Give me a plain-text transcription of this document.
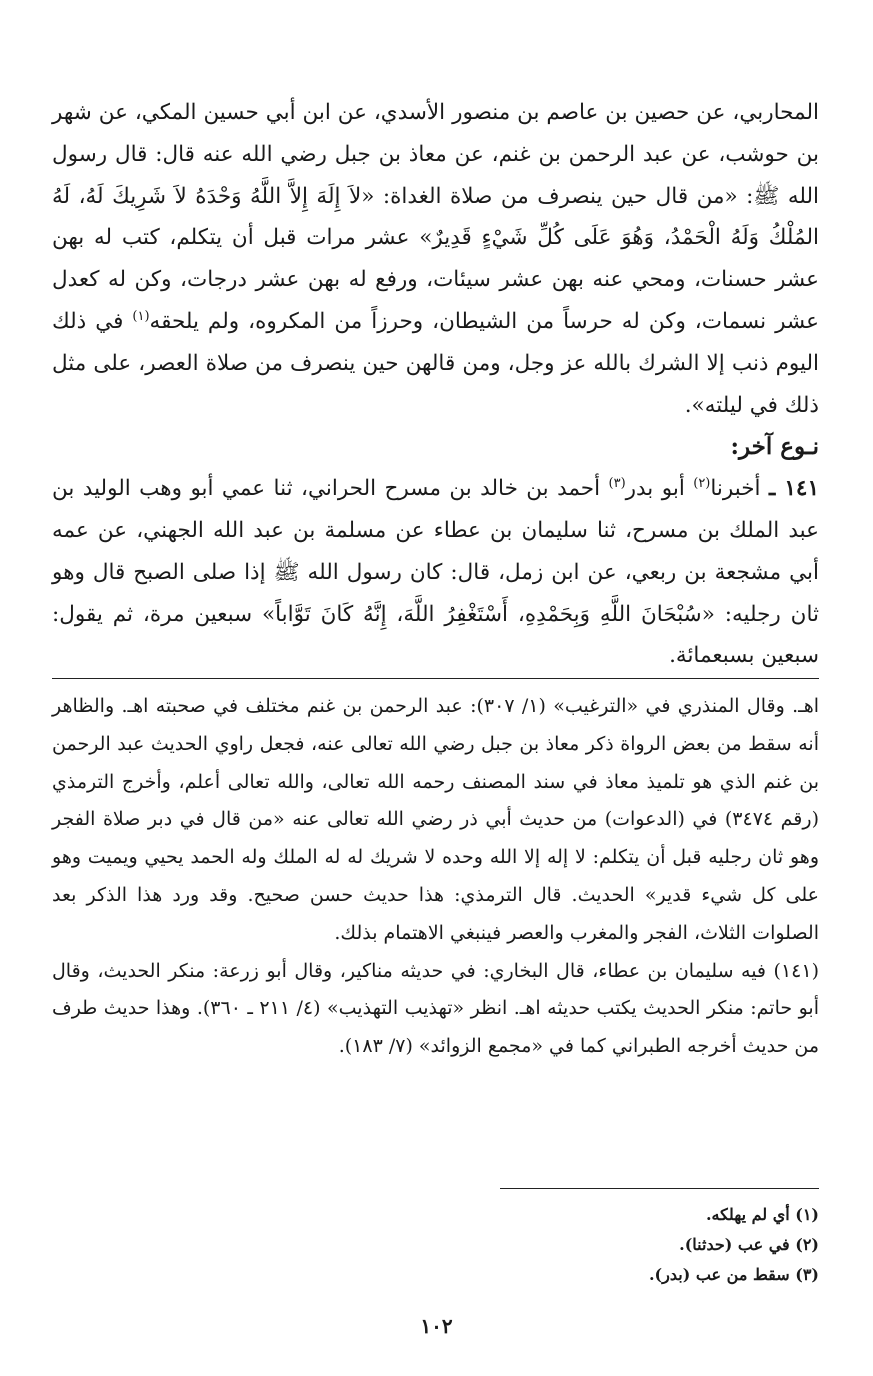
المحاربي، عن حصين بن عاصم بن منصور الأسدي، عن ابن أبي حسين المكي، عن شهر بن حوشب، عن عبد الرحمن بن غنم، عن معاذ بن جبل رضي الله عنه قال: قال رسول الله ﷺ: «من قال حين ينصرف من صلاة الغداة: «لاَ إِلَهَ إِلاَّ اللَّهُ وَحْدَهُ لاَ شَرِيكَ لَهُ، لَهُ المُلْكُ وَلَهُ الْحَمْدُ، وَهُوَ عَلَى كُلِّ شَيْءٍ قَدِيرٌ» عشر مرات قبل أن يتكلم، كتب له بهن عشر حسنات، ومحي عنه بهن عشر سيئات، ورفع له بهن عشر درجات، وكن له كعدل عشر نسمات، وكن له حرساً من الشيطان، وحرزاً من المكروه، ولم يلحقه$^{(١)}$ في ذلك اليوم ذنب إلا الشرك بالله عز وجل، ومن قالهن حين ينصرف من صلاة العصر، على مثل ذلك في ليلته».

نـوع آخر:

١٤١ ـ أخبرنا$^{(٢)}$ أبو بدر$^{(٣)}$ أحمد بن خالد بن مسرح الحراني، ثنا عمي أبو وهب الوليد بن عبد الملك بن مسرح، ثنا سليمان بن عطاء عن مسلمة بن عبد الله الجهني، عن عمه أبي مشجعة بن ربعي، عن ابن زمل، قال: كان رسول الله ﷺ إذا صلى الصبح قال وهو ثان رجليه: «سُبْحَانَ اللَّهِ وَبِحَمْدِهِ، أَسْتَغْفِرُ اللَّهَ، إِنَّهُ كَانَ تَوَّاباً» سبعين مرة، ثم يقول: سبعين بسبعمائة.

اهـ. وقال المنذري في «الترغيب» (١/ ٣٠٧): عبد الرحمن بن غنم مختلف في صحبته اهـ. والظاهر أنه سقط من بعض الرواة ذكر معاذ بن جبل رضي الله تعالى عنه، فجعل راوي الحديث عبد الرحمن بن غنم الذي هو تلميذ معاذ في سند المصنف رحمه الله تعالى، والله تعالى أعلم، وأخرج الترمذي (رقم ٣٤٧٤) في (الدعوات) من حديث أبي ذر رضي الله تعالى عنه «من قال في دبر صلاة الفجر وهو ثان رجليه قبل أن يتكلم: لا إله إلا الله وحده لا شريك له له الملك وله الحمد يحيي ويميت وهو على كل شيء قدير» الحديث. قال الترمذي: هذا حديث حسن صحيح. وقد ورد هذا الذكر بعد الصلوات الثلاث، الفجر والمغرب والعصر فينبغي الاهتمام بذلك.

(١٤١) فيه سليمان بن عطاء، قال البخاري: في حديثه مناكير، وقال أبو زرعة: منكر الحديث، وقال أبو حاتم: منكر الحديث يكتب حديثه اهـ. انظر «تهذيب التهذيب» (٤/ ٢١١ ـ ٣٦٠). وهذا حديث طرف من حديث أخرجه الطبراني كما في «مجمع الزوائد» (٧/ ١٨٣).

(١) أي لم يهلكه.
(٢) في عب (حدثنا).
(٣) سقط من عب (بدر).
١٠٢
